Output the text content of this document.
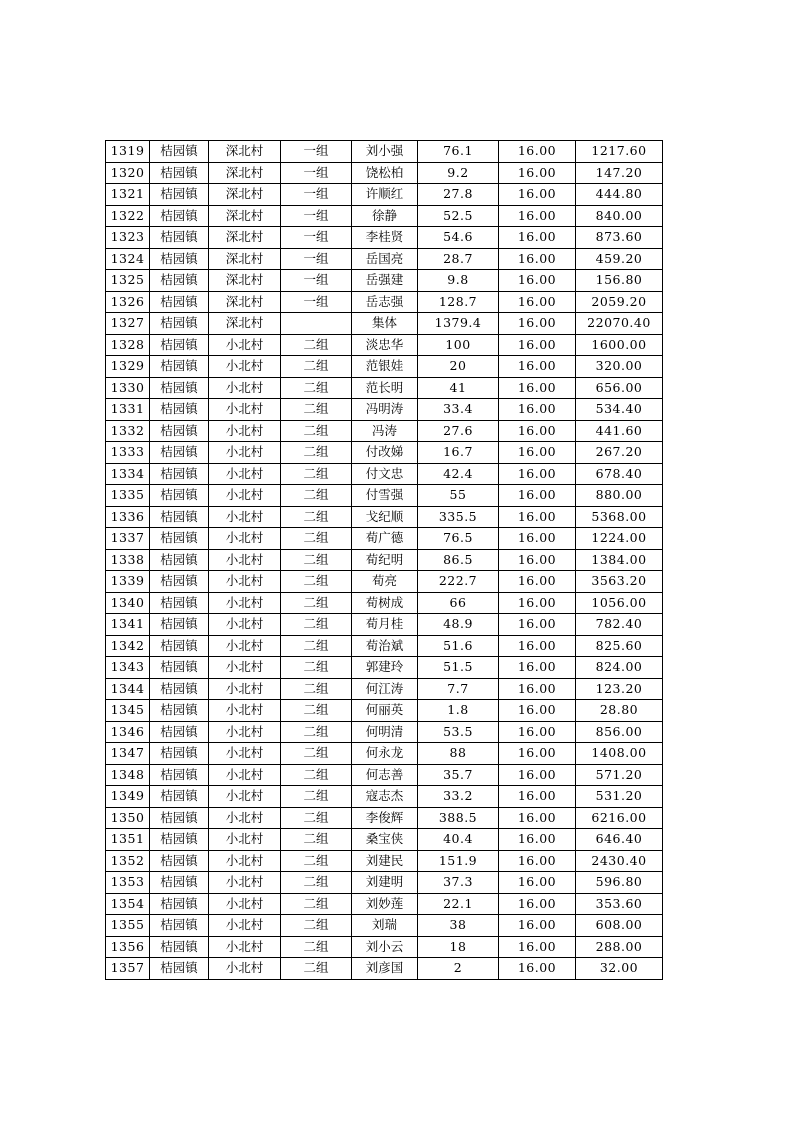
1319	桔园镇	深北村	一组	刘小强	76.1	16.00	1217.60
1320	桔园镇	深北村	一组	饶松柏	9.2	16.00	147.20
1321	桔园镇	深北村	一组	许顺红	27.8	16.00	444.80
1322	桔园镇	深北村	一组	徐静	52.5	16.00	840.00
1323	桔园镇	深北村	一组	李桂贤	54.6	16.00	873.60
1324	桔园镇	深北村	一组	岳国亮	28.7	16.00	459.20
1325	桔园镇	深北村	一组	岳强建	9.8	16.00	156.80
1326	桔园镇	深北村	一组	岳志强	128.7	16.00	2059.20
1327	桔园镇	深北村		集体	1379.4	16.00	22070.40
1328	桔园镇	小北村	二组	淡忠华	100	16.00	1600.00
1329	桔园镇	小北村	二组	范银娃	20	16.00	320.00
1330	桔园镇	小北村	二组	范长明	41	16.00	656.00
1331	桔园镇	小北村	二组	冯明涛	33.4	16.00	534.40
1332	桔园镇	小北村	二组	冯涛	27.6	16.00	441.60
1333	桔园镇	小北村	二组	付改娣	16.7	16.00	267.20
1334	桔园镇	小北村	二组	付文忠	42.4	16.00	678.40
1335	桔园镇	小北村	二组	付雪强	55	16.00	880.00
1336	桔园镇	小北村	二组	戈纪顺	335.5	16.00	5368.00
1337	桔园镇	小北村	二组	荀广德	76.5	16.00	1224.00
1338	桔园镇	小北村	二组	荀纪明	86.5	16.00	1384.00
1339	桔园镇	小北村	二组	荀亮	222.7	16.00	3563.20
1340	桔园镇	小北村	二组	荀树成	66	16.00	1056.00
1341	桔园镇	小北村	二组	荀月桂	48.9	16.00	782.40
1342	桔园镇	小北村	二组	荀治斌	51.6	16.00	825.60
1343	桔园镇	小北村	二组	郭建玲	51.5	16.00	824.00
1344	桔园镇	小北村	二组	何江涛	7.7	16.00	123.20
1345	桔园镇	小北村	二组	何丽英	1.8	16.00	28.80
1346	桔园镇	小北村	二组	何明清	53.5	16.00	856.00
1347	桔园镇	小北村	二组	何永龙	88	16.00	1408.00
1348	桔园镇	小北村	二组	何志善	35.7	16.00	571.20
1349	桔园镇	小北村	二组	寇志杰	33.2	16.00	531.20
1350	桔园镇	小北村	二组	李俊辉	388.5	16.00	6216.00
1351	桔园镇	小北村	二组	桑宝侠	40.4	16.00	646.40
1352	桔园镇	小北村	二组	刘建民	151.9	16.00	2430.40
1353	桔园镇	小北村	二组	刘建明	37.3	16.00	596.80
1354	桔园镇	小北村	二组	刘妙莲	22.1	16.00	353.60
1355	桔园镇	小北村	二组	刘瑞	38	16.00	608.00
1356	桔园镇	小北村	二组	刘小云	18	16.00	288.00
1357	桔园镇	小北村	二组	刘彦国	2	16.00	32.00
